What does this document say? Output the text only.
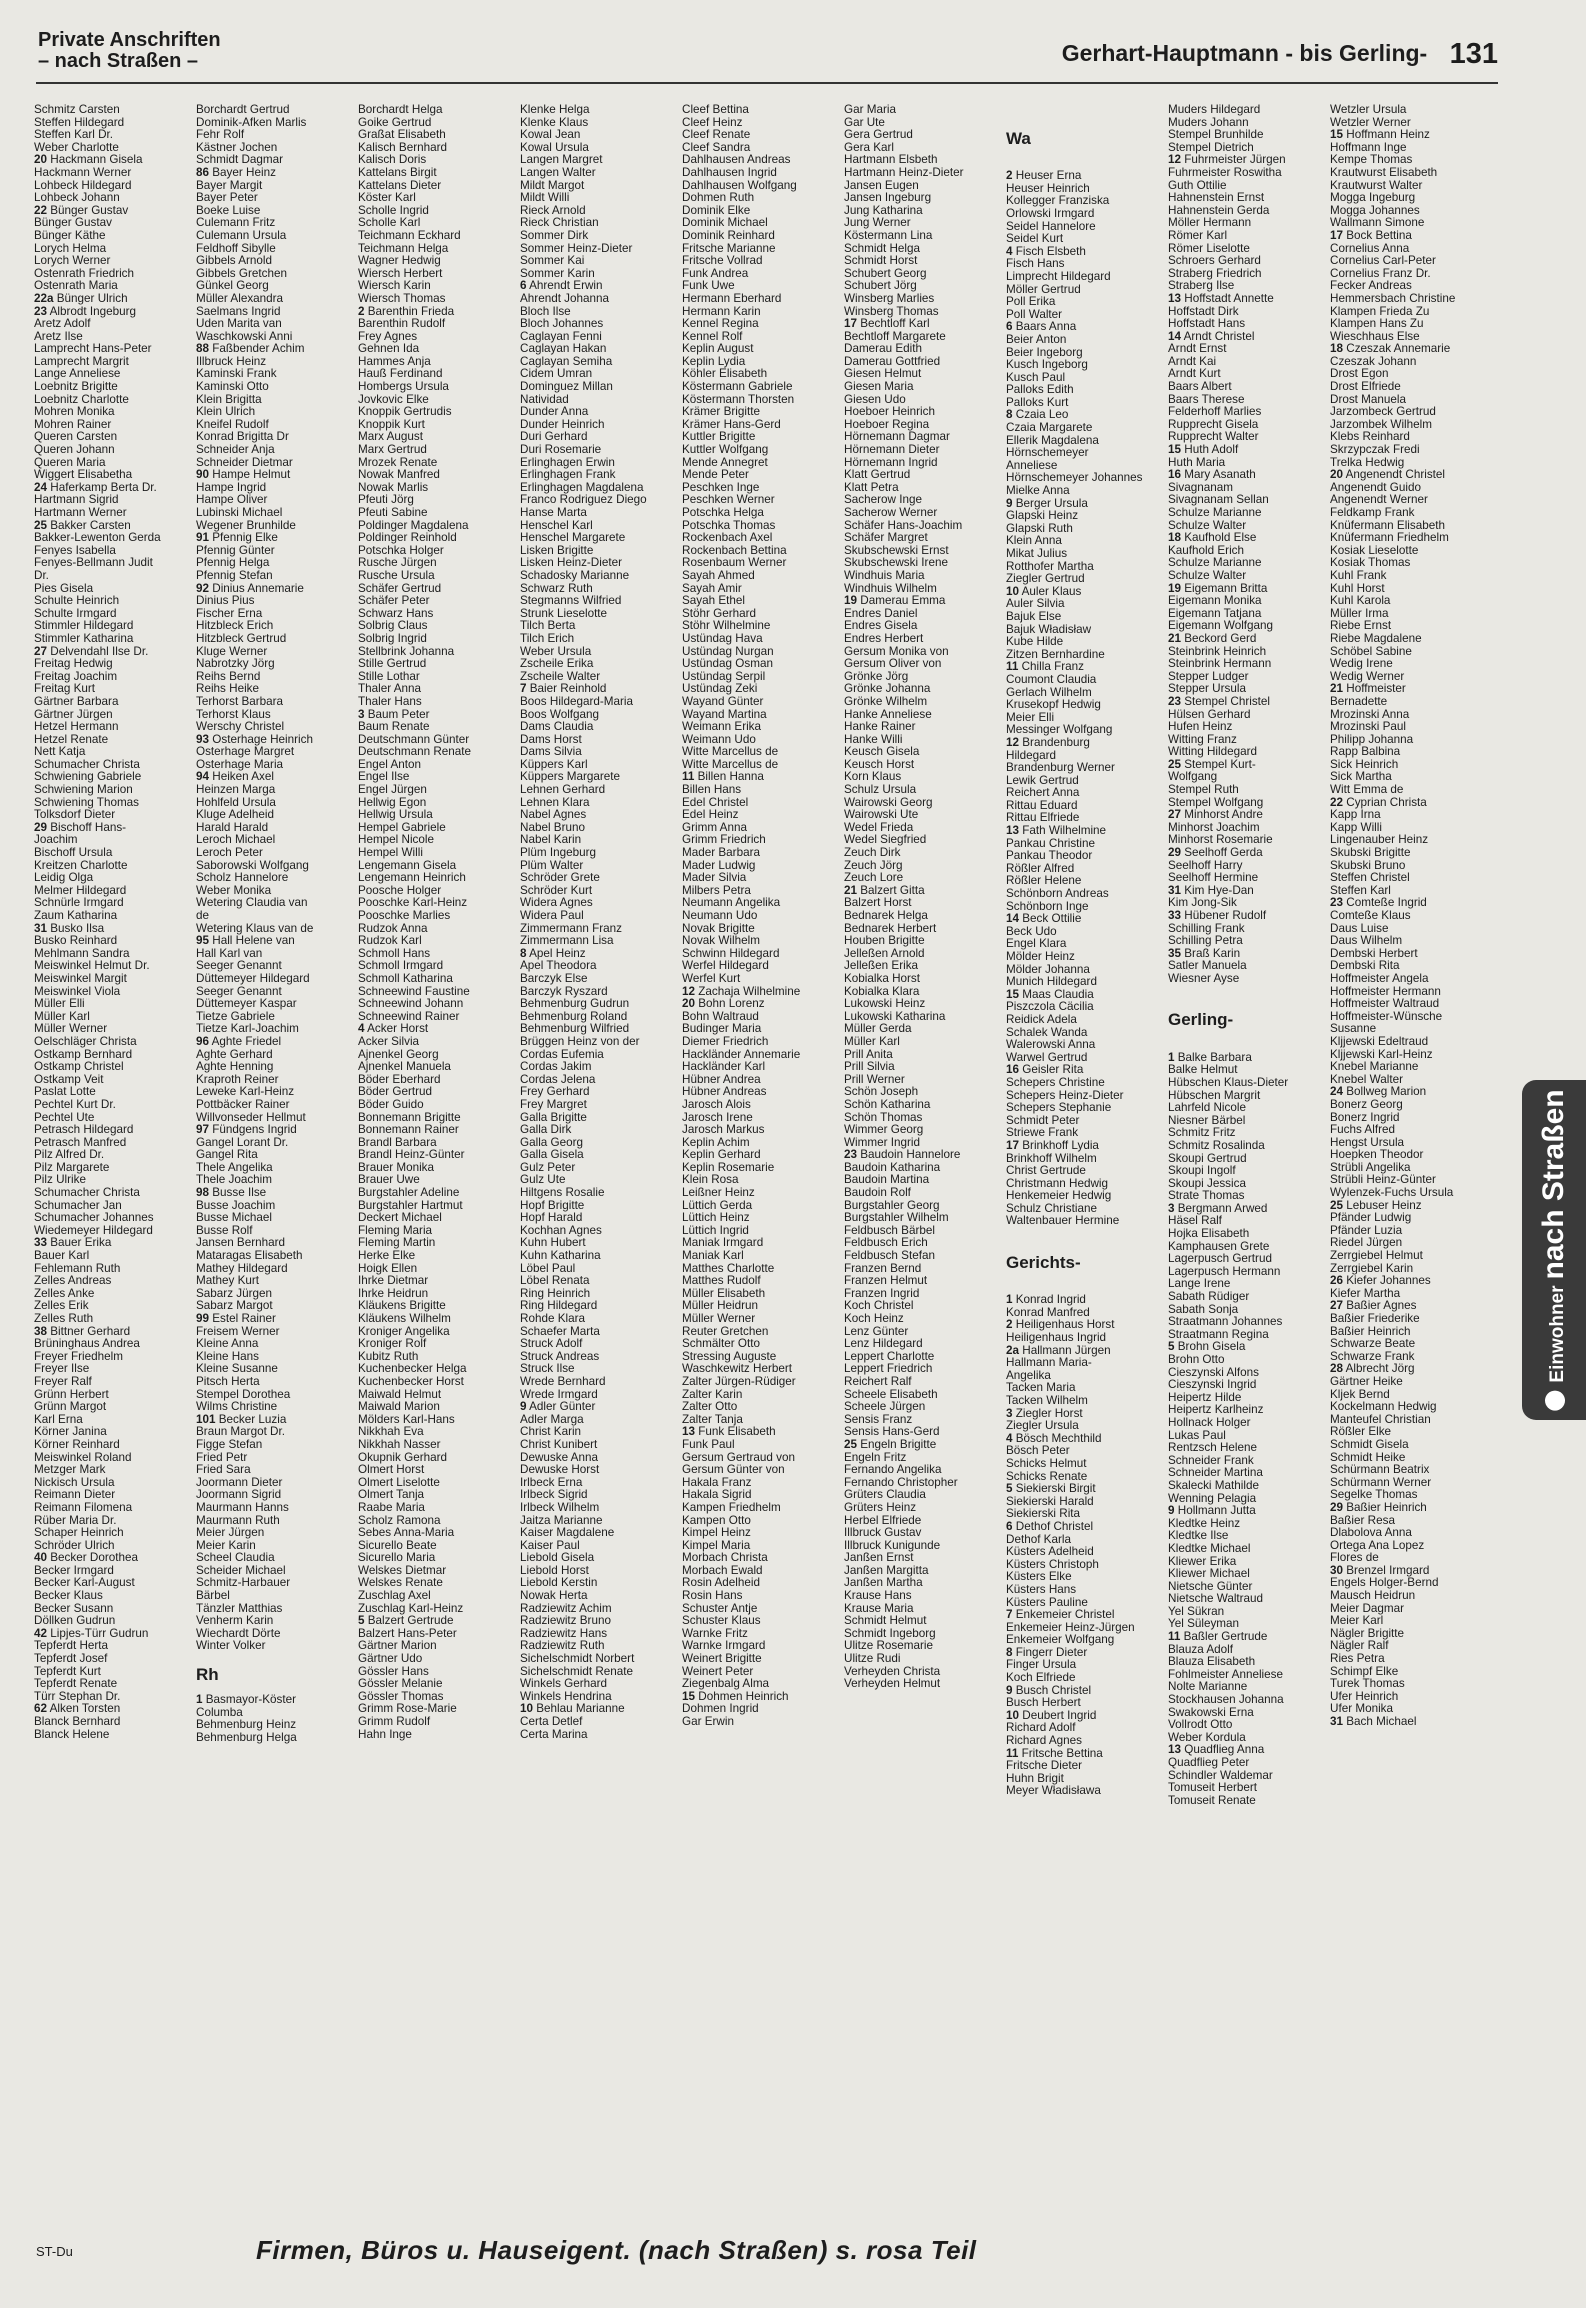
Private Anschriften
– nach Straßen –	Gerhart-Hauptmann - bis Gerling- 131
Schmitz Carsten
Steffen Hildegard
Steffen Karl Dr.
Weber Charlotte
20 Hackmann Gisela
Hackmann Werner
Lohbeck Hildegard
Lohbeck Johann
22 Bünger Gustav
Bünger Gustav
Bünger Käthe
Lorych Helma
Lorych Werner
Ostenrath Friedrich
Ostenrath Maria
22a Bünger Ulrich
23 Albrodt Ingeburg
Aretz Adolf
Aretz Ilse
Lamprecht Hans-Peter
Lamprecht Margrit
Lange Anneliese
Loebnitz Brigitte
Loebnitz Charlotte
Mohren Monika
Mohren Rainer
Queren Carsten
Queren Johann
Queren Maria
Wiggert Elisabetha
24 Haferkamp Berta Dr.
Hartmann Sigrid
Hartmann Werner
25 Bakker Carsten
Bakker-Lewenton Gerda
Fenyes Isabella
Fenyes-Bellmann Judit
Dr.
Pies Gisela
Schulte Heinrich
Schulte Irmgard
Stimmler Hildegard
Stimmler Katharina
27 Delvendahl Ilse Dr.
Freitag Hedwig
Freitag Joachim
Freitag Kurt
Gärtner Barbara
Gärtner Jürgen
Hetzel Hermann
Hetzel Renate
Nett Katja
Schumacher Christa
Schwiening Gabriele
Schwiening Marion
Schwiening Thomas
Tolksdorf Dieter
29 Bischoff Hans-
Joachim
Bischoff Ursula
Kreitzen Charlotte
Leidig Olga
Melmer Hildegard
Schnürle Irmgard
Zaum Katharina
31 Busko Ilsa
Busko Reinhard
Mehlmann Sandra
Meiswinkel Helmut Dr.
Meiswinkel Margit
Meiswinkel Viola
Müller Elli
Müller Karl
Müller Werner
Oelschläger Christa
Ostkamp Bernhard
Ostkamp Christel
Ostkamp Veit
Paslat Lotte
Pechtel Kurt Dr.
Pechtel Ute
Petrasch Hildegard
Petrasch Manfred
Pilz Alfred Dr.
Pilz Margarete
Pilz Ulrike
Schumacher Christa
Schumacher Jan
Schumacher Johannes
Wiedemeyer Hildegard
33 Bauer Erika
Bauer Karl
Fehlemann Ruth
Zelles Andreas
Zelles Anke
Zelles Erik
Zelles Ruth
38 Bittner Gerhard
Brüninghaus Andrea
Freyer Friedhelm
Freyer Ilse
Freyer Ralf
Grünn Herbert
Grünn Margot
Karl Erna
Körner Janina
Körner Reinhard
Meiswinkel Roland
Metzger Mark
Nickisch Ursula
Reimann Dieter
Reimann Filomena
Rüber Maria Dr.
Schaper Heinrich
Schröder Ulrich
40 Becker Dorothea
Becker Irmgard
Becker Karl-August
Becker Klaus
Becker Susann
Döllken Gudrun
42 Lipjes-Türr Gudrun
Tepferdt Herta
Tepferdt Josef
Tepferdt Kurt
Tepferdt Renate
Türr Stephan Dr.
62 Alken Torsten
Blanck Bernhard
Blanck Helene
Borchardt Gertrud
Dominik-Afken Marlis
Fehr Rolf
Kästner Jochen
Schmidt Dagmar
86 Bayer Heinz
Bayer Margit
Bayer Peter
Boeke Luise
Culemann Fritz
Culemann Ursula
Feldhoff Sibylle
Gibbels Arnold
Gibbels Gretchen
Günkel Georg
Müller Alexandra
Saelmans Ingrid
Uden Marita van
Waschkowski Anni
88 Faßbender Achim
Illbruck Heinz
Kaminski Frank
Kaminski Otto
Klein Brigitta
Klein Ulrich
Kneifel Rudolf
Konrad Brigitta Dr
Schneider Anja
Schneider Dietmar
90 Hampe Helmut
Hampe Ingrid
Hampe Oliver
Lubinski Michael
Wegener Brunhilde
91 Pfennig Elke
Pfennig Günter
Pfennig Helga
Pfennig Stefan
92 Dinius Annemarie
Dinius Pius
Fischer Erna
Hitzbleck Erich
Hitzbleck Gertrud
Kluge Werner
Nabrotzky Jörg
Reihs Bernd
Reihs Heike
Terhorst Barbara
Terhorst Klaus
Werschy Christel
93 Osterhage Heinrich
Osterhage Margret
Osterhage Maria
94 Heiken Axel
Heinzen Marga
Hohlfeld Ursula
Kluge Adelheid
Harald Harald
Leroch Michael
Leroch Peter
Saborowski Wolfgang
Scholz Hannelore
Weber Monika
Wetering Claudia van
de
Wetering Klaus van de
95 Hall Helene van
Hall Karl van
Seeger Genannt
Düttemeyer Hildegard
Seeger Genannt
Düttemeyer Kaspar
Tietze Gabriele
Tietze Karl-Joachim
96 Aghte Friedel
Aghte Gerhard
Aghte Henning
Kraproth Reiner
Leweke Karl-Heinz
Pottbäcker Rainer
Willvonseder Hellmut
97 Fündgens Ingrid
Gangel Lorant Dr.
Gangel Rita
Thele Angelika
Thele Joachim
98 Busse Ilse
Busse Joachim
Busse Michael
Busse Rolf
Jansen Bernhard
Mataragas Elisabeth
Mathey Hildegard
Mathey Kurt
Sabarz Jürgen
Sabarz Margot
99 Estel Rainer
Freisem Werner
Kleine Anna
Kleine Hans
Kleine Susanne
Pitsch Herta
Stempel Dorothea
Wilms Christine
101 Becker Luzia
Braun Margot Dr.
Figge Stefan
Fried Petr
Fried Sara
Joormann Dieter
Joormann Sigrid
Maurmann Hanns
Maurmann Ruth
Meier Jürgen
Meier Karin
Scheel Claudia
Scheider Michael
Schmitz-Harbauer
Bärbel
Tänzler Matthias
Venherm Karin
Wiechardt Dörte
Winter Volker
Rh
1 Basmayor-Köster
Columba
Behmenburg Heinz
Behmenburg Helga
Borchardt Helga
Goike Gertrud
Graßat Elisabeth
Kalisch Bernhard
Kalisch Doris
Kattelans Birgit
Kattelans Dieter
Köster Karl
Scholle Ingrid
Scholle Karl
Teichmann Eckhard
Teichmann Helga
Wagner Hedwig
Wiersch Herbert
Wiersch Karin
Wiersch Thomas
2 Barenthin Frieda
Barenthin Rudolf
Frey Agnes
Gehnen Ida
Hammes Anja
Hauß Ferdinand
Hombergs Ursula
Jovkovic Elke
Knoppik Gertrudis
Knoppik Kurt
Marx August
Marx Gertrud
Mrozek Renate
Nowak Manfred
Nowak Marlis
Pfeuti Jörg
Pfeuti Sabine
Poldinger Magdalena
Poldinger Reinhold
Potschka Holger
Rusche Jürgen
Rusche Ursula
Schäfer Gertrud
Schäfer Peter
Schwarz Hans
Solbrig Claus
Solbrig Ingrid
Stellbrink Johanna
Stille Gertrud
Stille Lothar
Thaler Anna
Thaler Hans
3 Baum Peter
Baum Renate
Deutschmann Günter
Deutschmann Renate
Engel Anton
Engel Ilse
Engel Jürgen
Hellwig Egon
Hellwig Ursula
Hempel Gabriele
Hempel Nicole
Hempel Willi
Lengemann Gisela
Lengemann Heinrich
Poosche Holger
Pooschke Karl-Heinz
Pooschke Marlies
Rudzok Anna
Rudzok Karl
Schmoll Hans
Schmoll Irmgard
Schmoll Katharina
Schneewind Faustine
Schneewind Johann
Schneewind Rainer
4 Acker Horst
Acker Silvia
Ajnenkel Georg
Ajnenkel Manuela
Böder Eberhard
Böder Gertrud
Böder Guido
Bonnemann Brigitte
Bonnemann Rainer
Brandl Barbara
Brandl Heinz-Günter
Brauer Monika
Brauer Uwe
Burgstahler Adeline
Burgstahler Hartmut
Deckert Michael
Fleming Maria
Fleming Martin
Herke Elke
Hoigk Ellen
Ihrke Dietmar
Ihrke Heidrun
Kläukens Brigitte
Kläukens Wilhelm
Kroniger Angelika
Kroniger Rolf
Kubitz Ruth
Kuchenbecker Helga
Kuchenbecker Horst
Maiwald Helmut
Maiwald Marion
Mölders Karl-Hans
Nikkhah Eva
Nikkhah Nasser
Okupnik Gerhard
Olmert Horst
Olmert Liselotte
Olmert Tanja
Raabe Maria
Scholz Ramona
Sebes Anna-Maria
Sicurello Beate
Sicurello Maria
Welskes Dietmar
Welskes Renate
Zuschlag Axel
Zuschlag Karl-Heinz
5 Balzert Gertrude
Balzert Hans-Peter
Gärtner Marion
Gärtner Udo
Gössler Hans
Gössler Melanie
Gössler Thomas
Grimm Rose-Marie
Grimm Rudolf
Hahn Inge
Klenke Helga
Klenke Klaus
Kowal Jean
Kowal Ursula
Langen Margret
Langen Walter
Mildt Margot
Mildt Willi
Rieck Arnold
Rieck Christian
Sommer Dirk
Sommer Heinz-Dieter
Sommer Kai
Sommer Karin
6 Ahrendt Erwin
Ahrendt Johanna
Bloch Ilse
Bloch Johannes
Caglayan Fenni
Caglayan Hakan
Caglayan Semiha
Cidem Ümran
Dominguez Millan
Natividad
Dunder Anna
Dunder Heinrich
Duri Gerhard
Duri Rosemarie
Erlinghagen Erwin
Erlinghagen Frank
Erlinghagen Magdalena
Franco Rodriguez Diego
Hanse Marta
Henschel Karl
Henschel Margarete
Lisken Brigitte
Lisken Heinz-Dieter
Schadosky Marianne
Schwarz Ruth
Stegmanns Wilfried
Strunk Lieselotte
Tilch Berta
Tilch Erich
Weber Ursula
Zscheile Erika
Zscheile Walter
7 Baier Reinhold
Boos Hildegard-Maria
Boos Wolfgang
Dams Claudia
Dams Horst
Dams Silvia
Küppers Karl
Küppers Margarete
Lehnen Gerhard
Lehnen Klara
Nabel Agnes
Nabel Bruno
Nabel Karin
Plüm Ingeburg
Plüm Walter
Schröder Grete
Schröder Kurt
Widera Agnes
Widera Paul
Zimmermann Franz
Zimmermann Lisa
8 Apel Heinz
Apel Theodora
Barczyk Else
Barczyk Ryszard
Behmenburg Gudrun
Behmenburg Roland
Behmenburg Wilfried
Brüggen Heinz von der
Cordas Eufemia
Cordas Jakim
Cordas Jelena
Frey Gerhard
Frey Margret
Galla Brigitte
Galla Dirk
Galla Georg
Galla Gisela
Gulz Peter
Gulz Ute
Hiltgens Rosalie
Hopf Brigitte
Hopf Harald
Kochhan Agnes
Kuhn Hubert
Kuhn Katharina
Löbel Paul
Löbel Renata
Ring Heinrich
Ring Hildegard
Rohde Klara
Schaefer Marta
Struck Adolf
Struck Andreas
Struck Ilse
Wrede Bernhard
Wrede Irmgard
9 Adler Günter
Adler Marga
Christ Karin
Christ Kunibert
Dewuske Anna
Dewuske Horst
Irlbeck Erna
Irlbeck Sigrid
Irlbeck Wilhelm
Jaitza Marianne
Kaiser Magdalene
Kaiser Paul
Liebold Gisela
Liebold Horst
Liebold Kerstin
Nowak Herta
Radziewitz Achim
Radziewitz Bruno
Radziewitz Hans
Radziewitz Ruth
Sichelschmidt Norbert
Sichelschmidt Renate
Winkels Gerhard
Winkels Hendrina
10 Behlau Marianne
Certa Detlef
Certa Marina
Cleef Bettina
Cleef Heinz
Cleef Renate
Cleef Sandra
Dahlhausen Andreas
Dahlhausen Ingrid
Dahlhausen Wolfgang
Dohmen Ruth
Dominik Elke
Dominik Michael
Dominik Reinhard
Fritsche Marianne
Fritsche Vollrad
Funk Andrea
Funk Uwe
Hermann Eberhard
Hermann Karin
Kennel Regina
Kennel Rolf
Keplin August
Keplin Lydia
Köhler Elisabeth
Köstermann Gabriele
Köstermann Thorsten
Krämer Brigitte
Krämer Hans-Gerd
Kuttler Brigitte
Kuttler Wolfgang
Mende Annegret
Mende Peter
Peschken Inge
Peschken Werner
Potschka Helga
Potschka Thomas
Rockenbach Axel
Rockenbach Bettina
Rosenbaum Werner
Sayah Ahmed
Sayah Amir
Sayah Ethel
Stöhr Gerhard
Stöhr Wilhelmine
Üstündag Hava
Üstündag Nurgan
Üstündag Osman
Üstündag Serpil
Üstündag Zeki
Wayand Günter
Wayand Martina
Weimann Erika
Weimann Udo
Witte Marcellus de
Witte Marcellus de
11 Billen Hanna
Billen Hans
Edel Christel
Edel Heinz
Grimm Anna
Grimm Friedrich
Mader Barbara
Mader Ludwig
Mader Silvia
Milbers Petra
Neumann Angelika
Neumann Udo
Novak Brigitte
Novak Wilhelm
Schwinn Hildegard
Werfel Hildegard
Werfel Kurt
12 Zachaja Wilhelmine
20 Bohn Lorenz
Bohn Waltraud
Budinger Maria
Diemer Friedrich
Hackländer Annemarie
Hackländer Karl
Hübner Andrea
Hübner Andreas
Jarosch Alois
Jarosch Irene
Jarosch Markus
Keplin Achim
Keplin Gerhard
Keplin Rosemarie
Klein Rosa
Leißner Heinz
Lüttich Gerda
Lüttich Heinz
Lüttich Ingrid
Maniak Irmgard
Maniak Karl
Matthes Charlotte
Matthes Rudolf
Müller Elisabeth
Müller Heidrun
Müller Werner
Reuter Gretchen
Schmälter Otto
Stressing Auguste
Waschkewitz Herbert
Zalter Jürgen-Rüdiger
Zalter Karin
Zalter Otto
Zalter Tanja
13 Funk Elisabeth
Funk Paul
Gersum Gertraud von
Gersum Günter von
Hakala Franz
Hakala Sigrid
Kampen Friedhelm
Kampen Otto
Kimpel Heinz
Kimpel Maria
Morbach Christa
Morbach Ewald
Rosin Adelheid
Rosin Hans
Schuster Antje
Schuster Klaus
Warnke Fritz
Warnke Irmgard
Weinert Brigitte
Weinert Peter
Ziegenbalg Alma
15 Dohmen Heinrich
Dohmen Ingrid
Gar Erwin
Gar Maria
Gar Ute
Gera Gertrud
Gera Karl
Hartmann Elsbeth
Hartmann Heinz-Dieter
Jansen Eugen
Jansen Ingeburg
Jung Katharina
Jung Werner
Köstermann Lina
Schmidt Helga
Schmidt Horst
Schubert Georg
Schubert Jörg
Winsberg Marlies
Winsberg Thomas
17 Bechtloff Karl
Bechtloff Margarete
Damerau Edith
Damerau Gottfried
Giesen Helmut
Giesen Maria
Giesen Udo
Hoeboer Heinrich
Hoeboer Regina
Hörnemann Dagmar
Hörnemann Dieter
Hörnemann Ingrid
Klatt Gertrud
Klatt Petra
Sacherow Inge
Sacherow Werner
Schäfer Hans-Joachim
Schäfer Margret
Skubschewski Ernst
Skubschewski Irene
Windhuis Maria
Windhuis Wilhelm
19 Damerau Emma
Endres Daniel
Endres Gisela
Endres Herbert
Gersum Monika von
Gersum Oliver von
Grönke Jörg
Grönke Johanna
Grönke Wilhelm
Hanke Anneliese
Hanke Rainer
Hanke Willi
Keusch Gisela
Keusch Horst
Korn Klaus
Schulz Ursula
Wairowski Georg
Wairowski Ute
Wedel Frieda
Wedel Siegfried
Zeuch Dirk
Zeuch Jörg
Zeuch Lore
21 Balzert Gitta
Balzert Horst
Bednarek Helga
Bednarek Herbert
Houben Brigitte
Jelleßen Arnold
Jelleßen Erika
Kobialka Horst
Kobialka Klara
Lukowski Heinz
Lukowski Katharina
Müller Gerda
Müller Karl
Prill Anita
Prill Silvia
Prill Werner
Schön Joseph
Schön Katharina
Schön Thomas
Wimmer Georg
Wimmer Ingrid
23 Baudoin Hannelore
Baudoin Katharina
Baudoin Martina
Baudoin Rolf
Burgstahler Georg
Burgstahler Wilhelm
Feldbusch Bärbel
Feldbusch Erich
Feldbusch Stefan
Franzen Bernd
Franzen Helmut
Franzen Ingrid
Koch Christel
Koch Heinz
Lenz Günter
Lenz Hildegard
Leppert Charlotte
Leppert Friedrich
Reichert Ralf
Scheele Elisabeth
Scheele Jürgen
Sensis Franz
Sensis Hans-Gerd
25 Engeln Brigitte
Engeln Fritz
Fernando Angelika
Fernando Christopher
Grüters Claudia
Grüters Heinz
Herbel Elfriede
Illbruck Gustav
Illbruck Kunigunde
Janßen Ernst
Janßen Margitta
Janßen Martha
Krause Hans
Krause Maria
Schmidt Helmut
Schmidt Ingeborg
Ulitze Rosemarie
Ulitze Rudi
Verheyden Christa
Verheyden Helmut

Wa

2 Heuser Erna
Heuser Heinrich
Kollegger Franziska
Orlowski Irmgard
Seidel Hannelore
Seidel Kurt
4 Fisch Elsbeth
Fisch Hans
Limprecht Hildegard
Möller Gertrud
Poll Erika
Poll Walter
6 Baars Anna
Beier Anton
Beier Ingeborg
Kusch Ingeborg
Kusch Paul
Palloks Edith
Palloks Kurt
8 Czaia Leo
Czaia Margarete
Ellerik Magdalena
Hörnschemeyer
Anneliese
Hörnschemeyer Johannes
Mielke Anna
9 Berger Ursula
Glapski Heinz
Glapski Ruth
Klein Anna
Mikat Julius
Rotthofer Martha
Ziegler Gertrud
10 Auler Klaus
Auler Silvia
Bajuk Else
Bajuk Władisław
Kube Hilde
Zitzen Bernhardine
11 Chilla Franz
Coumont Claudia
Gerlach Wilhelm
Krusekopf Hedwig
Meier Elli
Messinger Wolfgang
12 Brandenburg
Hildegard
Brandenburg Werner
Lewik Gertrud
Reichert Anna
Rittau Eduard
Rittau Elfriede
13 Fath Wilhelmine
Pankau Christine
Pankau Theodor
Rößler Alfred
Rößler Helene
Schönborn Andreas
Schönborn Inge
14 Beck Ottilie
Beck Udo
Engel Klara
Mölder Heinz
Mölder Johanna
Munich Hildegard
15 Maas Claudia
Piszczola Cäcilia
Reidick Adela
Schalek Wanda
Walerowski Anna
Warwel Gertrud
16 Geisler Rita
Schepers Christine
Schepers Heinz-Dieter
Schepers Stephanie
Schmidt Peter
Striewe Frank
17 Brinkhoff Lydia
Brinkhoff Wilhelm
Christ Gertrude
Christmann Hedwig
Henkemeier Hedwig
Schulz Christiane
Waltenbauer Hermine

Gerichts-

1 Konrad Ingrid
Konrad Manfred
2 Heiligenhaus Horst
Heiligenhaus Ingrid
2a Hallmann Jürgen
Hallmann Maria-
Angelika
Tacken Maria
Tacken Wilhelm
3 Ziegler Horst
Ziegler Ursula
4 Bösch Mechthild
Bösch Peter
Schicks Helmut
Schicks Renate
5 Siekierski Birgit
Siekierski Harald
Siekierski Rita
6 Dethof Christel
Dethof Karla
Küsters Adelheid
Küsters Christoph
Küsters Elke
Küsters Hans
Küsters Pauline
7 Enkemeier Christel
Enkemeier Heinz-Jürgen
Enkemeier Wolfgang
8 Fingerr Dieter
Finger Ursula
Koch Elfriede
9 Busch Christel
Busch Herbert
10 Deubert Ingrid
Richard Adolf
Richard Agnes
11 Fritsche Bettina
Fritsche Dieter
Huhn Brigit
Meyer Władisława
Muders Hildegard
Muders Johann
Stempel Brunhilde
Stempel Dietrich
12 Fuhrmeister Jürgen
Fuhrmeister Roswitha
Guth Ottilie
Hahnenstein Ernst
Hahnenstein Gerda
Möller Hermann
Römer Karl
Römer Liselotte
Schroers Gerhard
Straberg Friedrich
Straberg Ilse
13 Hoffstadt Annette
Hoffstadt Dirk
Hoffstadt Hans
14 Arndt Christel
Arndt Ernst
Arndt Kai
Arndt Kurt
Baars Albert
Baars Therese
Felderhoff Marlies
Rupprecht Gisela
Rupprecht Walter
15 Huth Adolf
Huth Maria
16 Mary Asanath
Sivagnanam
Sivagnanam Sellan
Schulze Marianne
Schulze Walter
18 Kaufhold Else
Kaufhold Erich
Schulze Marianne
Schulze Walter
19 Eigemann Britta
Eigemann Monika
Eigemann Tatjana
Eigemann Wolfgang
21 Beckord Gerd
Steinbrink Heinrich
Steinbrink Hermann
Stepper Ludger
Stepper Ursula
23 Stempel Christel
Hülsen Gerhard
Hufen Heinz
Witting Franz
Witting Hildegard
25 Stempel Kurt-
Wolfgang
Stempel Ruth
Stempel Wolfgang
27 Minhorst Andre
Minhorst Joachim
Minhorst Rosemarie
29 Seelhoff Gerda
Seelhoff Harry
Seelhoff Hermine
31 Kim Hye-Dan
Kim Jong-Sik
33 Hübener Rudolf
Schilling Frank
Schilling Petra
35 Braß Karin
Satler Manuela
Wiesner Ayse

Gerling-

1 Balke Barbara
Balke Helmut
Hübschen Klaus-Dieter
Hübschen Margrit
Lahrfeld Nicole
Niesner Bärbel
Schmitz Fritz
Schmitz Rosalinda
Skoupi Gertrud
Skoupi Ingolf
Skoupi Jessica
Strate Thomas
3 Bergmann Arwed
Häsel Ralf
Hojka Elisabeth
Kamphausen Grete
Lagerpusch Gertrud
Lagerpusch Hermann
Lange Irene
Sabath Rüdiger
Sabath Sonja
Straatmann Johannes
Straatmann Regina
5 Brohn Gisela
Brohn Otto
Cieszynski Alfons
Cieszynski Ingrid
Heipertz Hilde
Heipertz Karlheinz
Hollnack Holger
Lukas Paul
Rentzsch Helene
Schneider Frank
Schneider Martina
Skalecki Mathilde
Wenning Pelagia
9 Hollmann Jutta
Kledtke Heinz
Kledtke Ilse
Kledtke Michael
Kliewer Erika
Kliewer Michael
Nietsche Günter
Nietsche Waltraud
Yel Sükran
Yel Süleyman
11 Baßler Gertrude
Blauza Adolf
Blauza Elisabeth
Fohlmeister Anneliese
Nolte Marianne
Stockhausen Johanna
Swakowski Erna
Vollrodt Otto
Weber Kordula
13 Quadflieg Anna
Quadflieg Peter
Schindler Waldemar
Tomuseit Herbert
Tomuseit Renate
Wetzler Ursula
Wetzler Werner
15 Hoffmann Heinz
Hoffmann Inge
Kempe Thomas
Krautwurst Elisabeth
Krautwurst Walter
Mogga Ingeburg
Mogga Johannes
Wallmann Simone
17 Bock Bettina
Cornelius Anna
Cornelius Carl-Peter
Cornelius Franz Dr.
Fecker Andreas
Hemmersbach Christine
Klampen Frieda Zu
Klampen Hans Zu
Wieschhaus Else
18 Czeszak Annemarie
Czeszak Johann
Drost Egon
Drost Elfriede
Drost Manuela
Jarzombeck Gertrud
Jarzombek Wilhelm
Klebs Reinhard
Skrzypczak Fredi
Trelka Hedwig
20 Angenendt Christel
Angenendt Guido
Angenendt Werner
Feldkamp Frank
Knüfermann Elisabeth
Knüfermann Friedhelm
Kosiak Lieselotte
Kosiak Thomas
Kuhl Frank
Kuhl Horst
Kuhl Karola
Müller Irma
Riebe Ernst
Riebe Magdalene
Schöbel Sabine
Wedig Irene
Wedig Werner
21 Hoffmeister
Bernadette
Mrozinski Anna
Mrozinski Paul
Philipp Johanna
Rapp Balbina
Sick Heinrich
Sick Martha
Witt Emma de
22 Cyprian Christa
Kapp Irna
Kapp Willi
Lingenauber Heinz
Skubski Brigitte
Skubski Bruno
Steffen Christel
Steffen Karl
23 Comteße Ingrid
Comteße Klaus
Daus Luise
Daus Wilhelm
Dembski Herbert
Dembski Rita
Hoffmeister Angela
Hoffmeister Hermann
Hoffmeister Waltraud
Hoffmeister-Wünsche
Susanne
Kljjewski Edeltraud
Kljjewski Karl-Heinz
Knebel Marianne
Knebel Walter
24 Bollweg Marion
Bonerz Georg
Bonerz Ingrid
Fuchs Alfred
Hengst Ursula
Hoepken Theodor
Strübli Angelika
Strübli Heinz-Günter
Wylenzek-Fuchs Ursula
25 Lebuser Heinz
Pfänder Ludwig
Pfänder Luzia
Riedel Jürgen
Zerrgiebel Helmut
Zerrgiebel Karin
26 Kiefer Johannes
Kiefer Martha
27 Baßier Agnes
Baßier Friederike
Baßier Heinrich
Schwarze Beate
Schwarze Frank
28 Albrecht Jörg
Gärtner Heike
Kljek Bernd
Kockelmann Hedwig
Manteufel Christian
Rößler Elke
Schmidt Gisela
Schmidt Heike
Schürmann Beatrix
Schürmann Werner
Segelke Thomas
29 Baßier Heinrich
Baßier Resa
Dlabolova Anna
Ortega Ana Lopez
Flores de
30 Brenzel Irmgard
Engels Holger-Bernd
Mausch Heidrun
Meier Dagmar
Meier Karl
Nägler Brigitte
Nägler Ralf
Ries Petra
Schimpf Elke
Turek Thomas
Ufer Heinrich
Ufer Monika
31 Bach Michael
Einwohnernach Straßen
ST-Du	Firmen, Büros u. Hauseigent. (nach Straßen) s. rosa Teil
